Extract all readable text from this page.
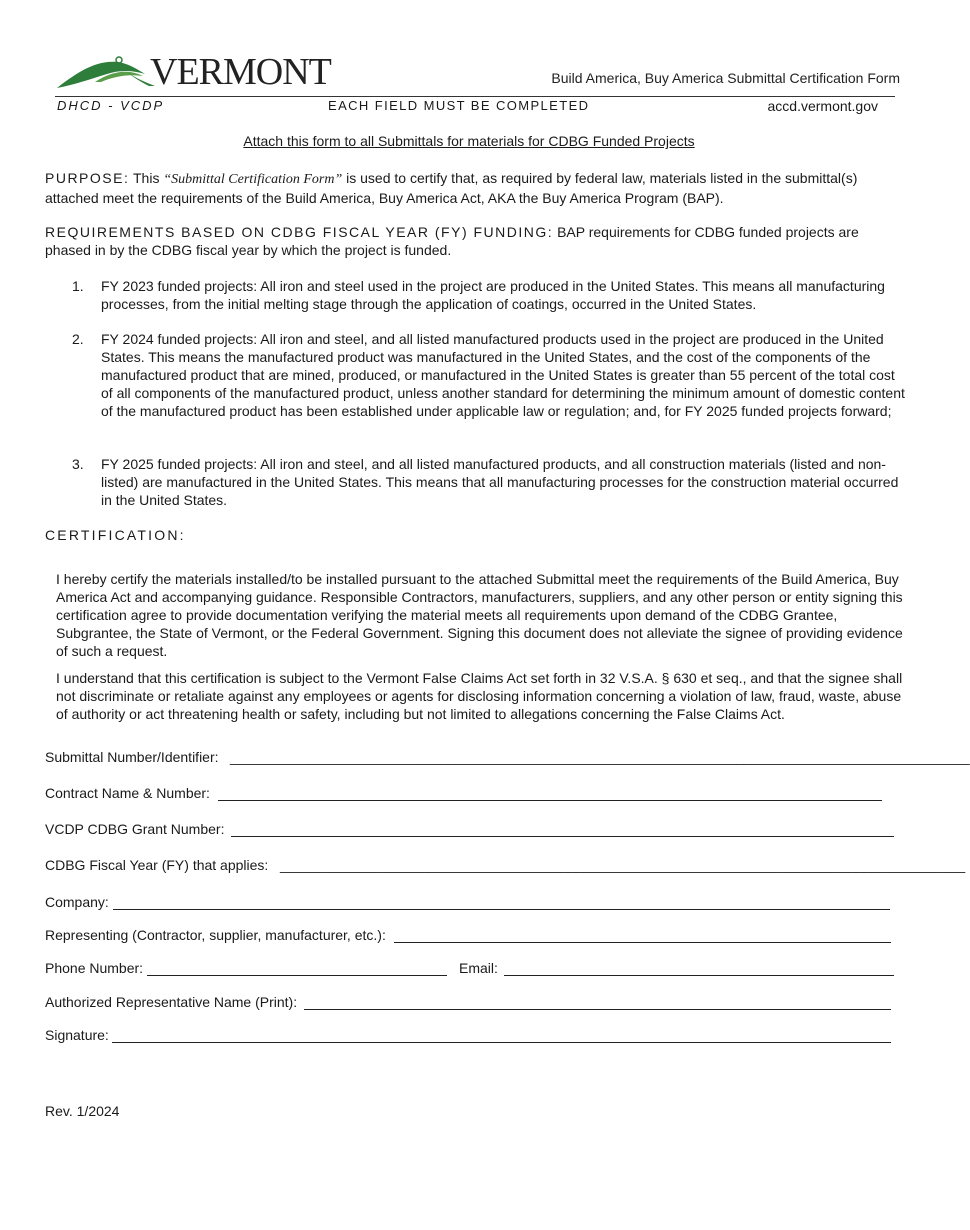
VERMONT	Build America, Buy America Submittal Certification Form
DHCD - VCDP	EACH FIELD MUST BE COMPLETED	accd.vermont.gov
Attach this form to all Submittals for materials for CDBG Funded Projects
PURPOSE: This “Submittal Certification Form” is used to certify that, as required by federal law, materials listed in the submittal(s) attached meet the requirements of the Build America, Buy America Act, AKA the Buy America Program (BAP).
REQUIREMENTS BASED ON CDBG FISCAL YEAR (FY) FUNDING: BAP requirements for CDBG funded projects are phased in by the CDBG fiscal year by which the project is funded.
1. FY 2023 funded projects: All iron and steel used in the project are produced in the United States. This means all manufacturing processes, from the initial melting stage through the application of coatings, occurred in the United States.
2. FY 2024 funded projects: All iron and steel, and all listed manufactured products used in the project are produced in the United States. This means the manufactured product was manufactured in the United States, and the cost of the components of the manufactured product that are mined, produced, or manufactured in the United States is greater than 55 percent of the total cost of all components of the manufactured product, unless another standard for determining the minimum amount of domestic content of the manufactured product has been established under applicable law or regulation; and, for FY 2025 funded projects forward;
3. FY 2025 funded projects: All iron and steel, and all listed manufactured products, and all construction materials (listed and non-listed) are manufactured in the United States. This means that all manufacturing processes for the construction material occurred in the United States.
CERTIFICATION:
I hereby certify the materials installed/to be installed pursuant to the attached Submittal meet the requirements of the Build America, Buy America Act and accompanying guidance. Responsible Contractors, manufacturers, suppliers, and any other person or entity signing this certification agree to provide documentation verifying the material meets all requirements upon demand of the CDBG Grantee, Subgrantee, the State of Vermont, or the Federal Government. Signing this document does not alleviate the signee of providing evidence of such a request.
I understand that this certification is subject to the Vermont False Claims Act set forth in 32 V.S.A. § 630 et seq., and that the signee shall not discriminate or retaliate against any employees or agents for disclosing information concerning a violation of law, fraud, waste, abuse of authority or act threatening health or safety, including but not limited to allegations concerning the False Claims Act.
Submittal Number/Identifier: _______________________________________________________________________________________________
Contract Name & Number:
VCDP CDBG Grant Number:
CDBG Fiscal Year (FY) that applies: ________________________________________________________________________________________
Company:
Representing (Contractor, supplier, manufacturer, etc.):
Phone Number:	Email:
Authorized Representative Name (Print):
Signature:
Rev. 1/2024
